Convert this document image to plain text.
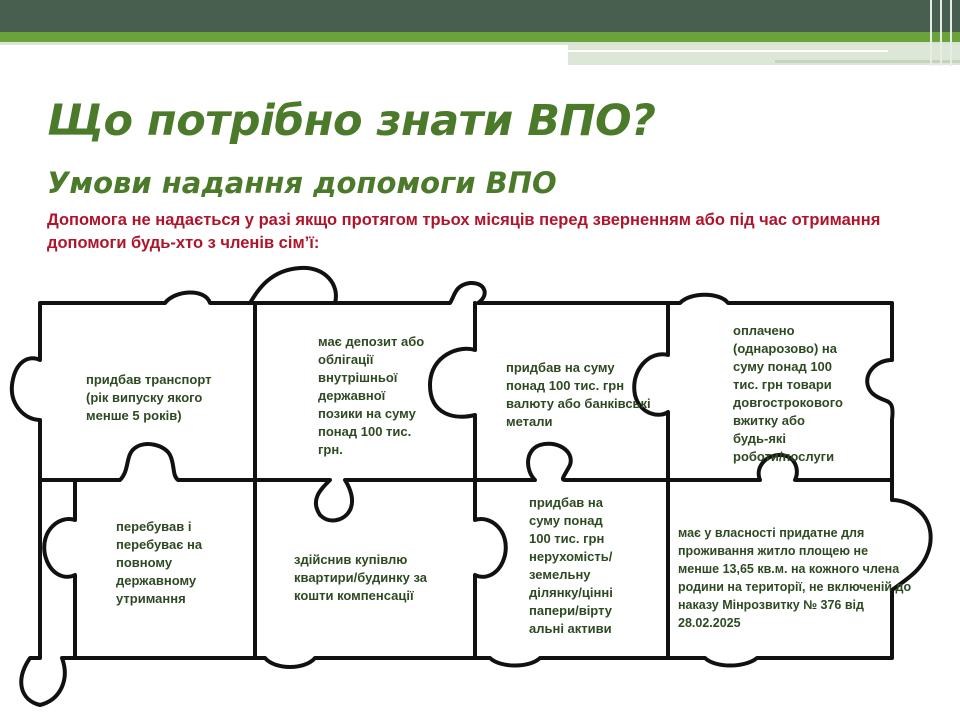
Що потрібно знати ВПО?
Умови надання допомоги ВПО

Допомога не надається у разі якщо протягом трьох місяців перед зверненням або під час отримання допомоги будь-хто з членів сім’ї:

придбав транспорт
(рік випуску якого
менше 5 років)

має депозит або
облігації
внутрішньої
державної
позики на суму
понад 100 тис.
грн.

придбав на суму
понад 100 тис. грн
валюту або банківські
метали

оплачено
(однарозово) на
суму понад 100
тис. грн товари
довгострокового
вжитку або
будь-які
роботи/послуги

перебував і
перебуває на
повному
державному
утримання

здійснив купівлю
квартири/будинку за
кошти компенсації

придбав на
суму понад
100 тис. грн
нерухомість/
земельну
ділянку/цінні
папери/вірту
альні активи

має у власності придатне для
проживання житло площею не
менше 13,65 кв.м. на кожного члена
родини на території, не включеній до
наказу Мінрозвитку № 376 від
28.02.2025
